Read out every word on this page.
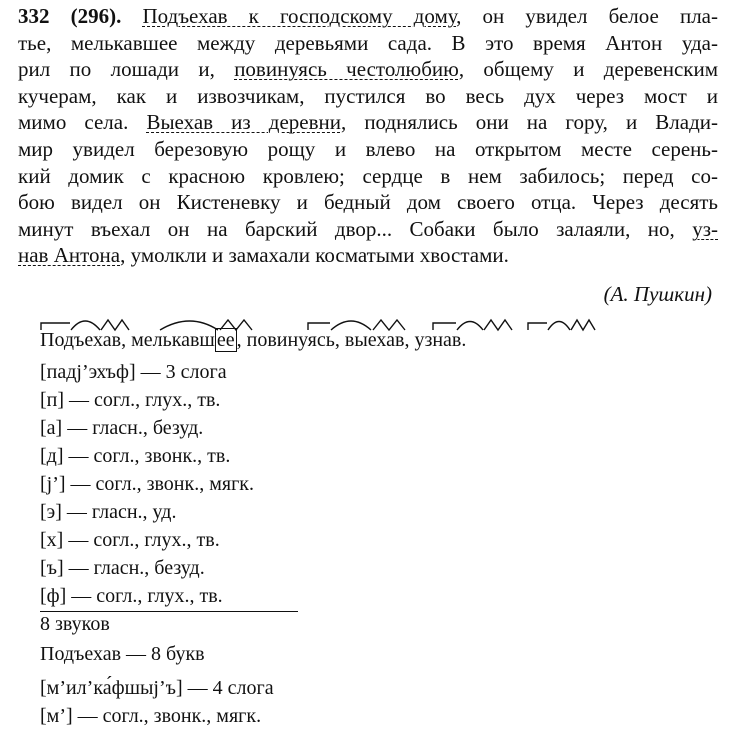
332 (296). Подъехав к господскому дому, он увидел белое пла-
тье, мелькавшее между деревьями сада. В это время Антон уда-
рил по лошади и, повинуясь честолюбию, общему и деревенским
кучерам, как и извозчикам, пустился во весь дух через мост и
мимо села. Выехав из деревни, поднялись они на гору, и Влади-
мир увидел березовую рощу и влево на открытом месте серень-
кий домик с красною кровлею; сердце в нем забилось; перед со-
бою видел он Кистеневку и бедный дом своего отца. Через десять
минут въехал он на барский двор... Собаки было залаяли, но, уз-
нав Антона, умолкли и замахали косматыми хвостами.
(А. Пушкин)
Подъехав, мелькавш ее , повинуясь, выехав, узнав.
[падј’эхъф] — 3 слога
[п] — согл., глух., тв.
[а] — гласн., безуд.
[д] — согл., звонк., тв.
[ј’] — согл., звонк., мягк.
[э] — гласн., уд.
[х] — согл., глух., тв.
[ъ] — гласн., безуд.
[ф] — согл., глух., тв.
8 звуков
Подъехав — 8 букв
[м’ил’ка́фшыј’ъ] — 4 слога
[м’] — согл., звонк., мягк.
